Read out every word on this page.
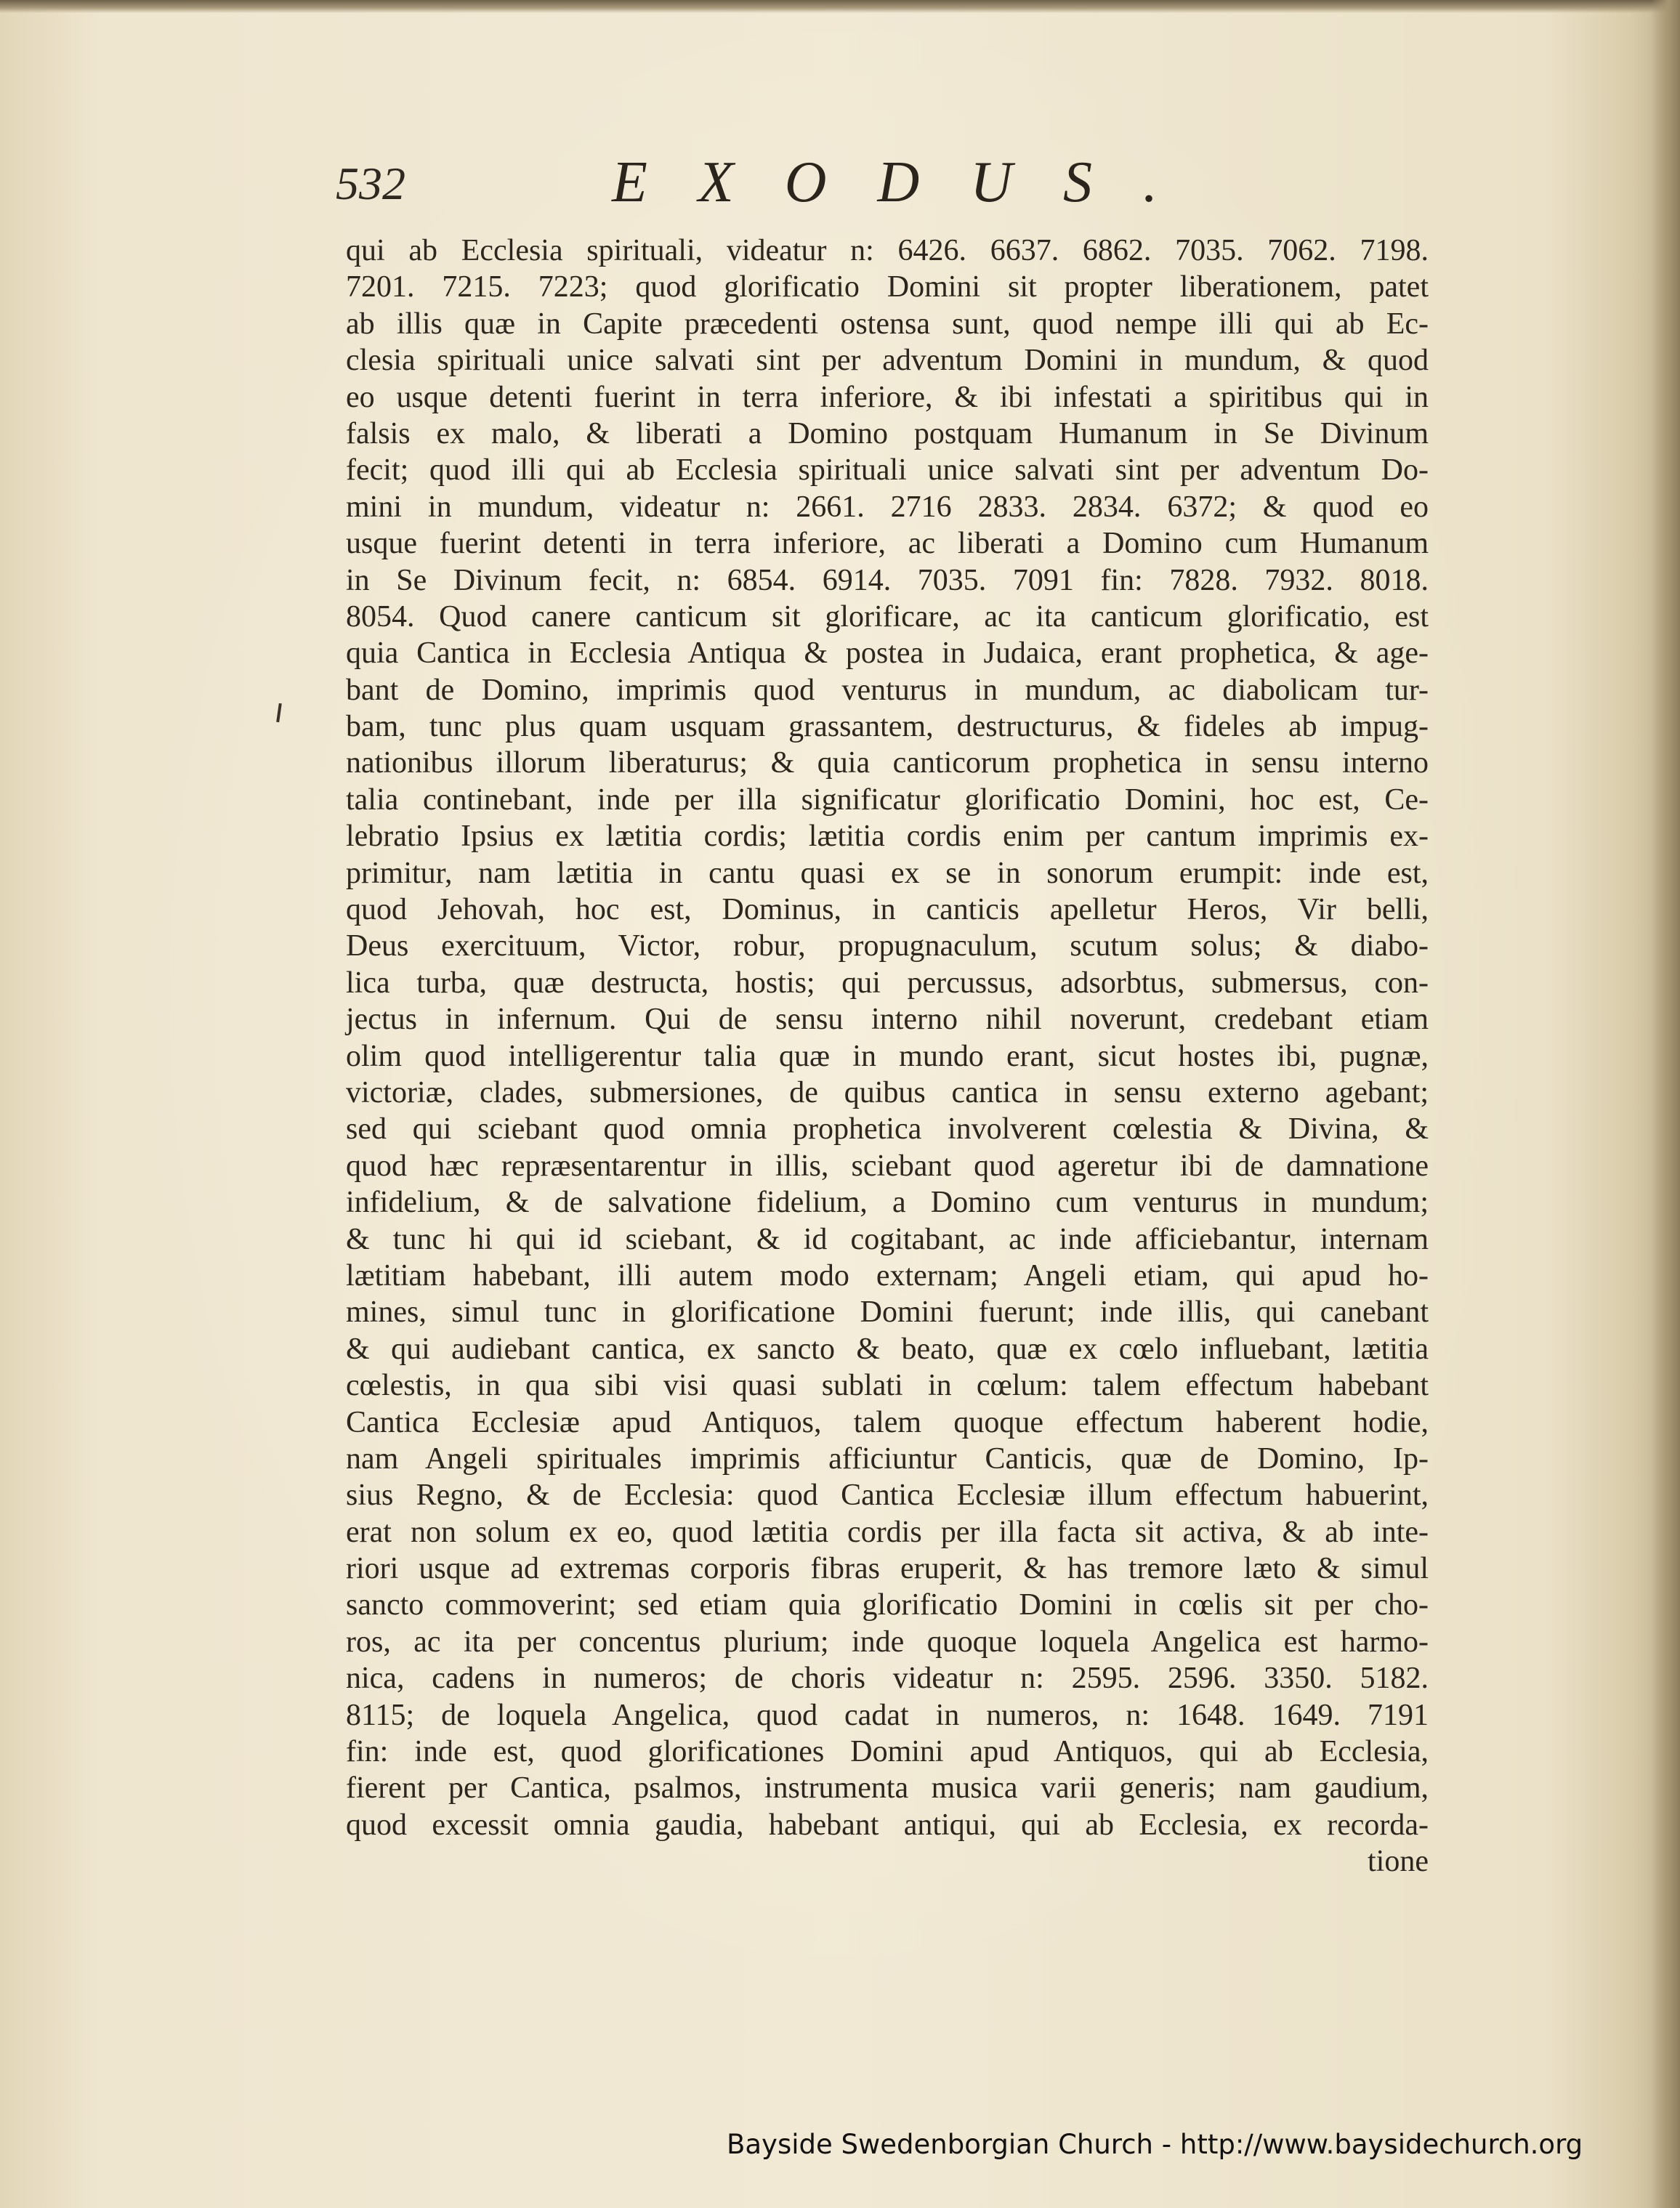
532	EXODUS.
qui ab Ecclesia spirituali, videatur n: 6426. 6637. 6862. 7035. 7062. 7198.
7201. 7215. 7223; quod glorificatio Domini sit propter liberationem, patet
ab illis quæ in Capite præcedenti ostensa sunt, quod nempe illi qui ab Ec-
clesia spirituali unice salvati sint per adventum Domini in mundum, & quod
eo usque detenti fuerint in terra inferiore, & ibi infestati a spiritibus qui in
falsis ex malo, & liberati a Domino postquam Humanum in Se Divinum
fecit; quod illi qui ab Ecclesia spirituali unice salvati sint per adventum Do-
mini in mundum, videatur n: 2661. 2716 2833. 2834. 6372; & quod eo
usque fuerint detenti in terra inferiore, ac liberati a Domino cum Humanum
in Se Divinum fecit, n: 6854. 6914. 7035. 7091 fin: 7828. 7932. 8018.
8054. Quod canere canticum sit glorificare, ac ita canticum glorificatio, est
quia Cantica in Ecclesia Antiqua & postea in Judaica, erant prophetica, & age-
bant de Domino, imprimis quod venturus in mundum, ac diabolicam tur-
bam, tunc plus quam usquam grassantem, destructurus, & fideles ab impug-
nationibus illorum liberaturus; & quia canticorum prophetica in sensu interno
talia continebant, inde per illa significatur glorificatio Domini, hoc est, Ce-
lebratio Ipsius ex lætitia cordis; lætitia cordis enim per cantum imprimis ex-
primitur, nam lætitia in cantu quasi ex se in sonorum erumpit: inde est,
quod Jehovah, hoc est, Dominus, in canticis apelletur Heros, Vir belli,
Deus exercituum, Victor, robur, propugnaculum, scutum solus; & diabo-
lica turba, quæ destructa, hostis; qui percussus, adsorbtus, submersus, con-
jectus in infernum. Qui de sensu interno nihil noverunt, credebant etiam
olim quod intelligerentur talia quæ in mundo erant, sicut hostes ibi, pugnæ,
victoriæ, clades, submersiones, de quibus cantica in sensu externo agebant;
sed qui sciebant quod omnia prophetica involverent cœlestia & Divina, &
quod hæc repræsentarentur in illis, sciebant quod ageretur ibi de damnatione
infidelium, & de salvatione fidelium, a Domino cum venturus in mundum;
& tunc hi qui id sciebant, & id cogitabant, ac inde afficiebantur, internam
lætitiam habebant, illi autem modo externam; Angeli etiam, qui apud ho-
mines, simul tunc in glorificatione Domini fuerunt; inde illis, qui canebant
& qui audiebant cantica, ex sancto & beato, quæ ex cœlo influebant, lætitia
cœlestis, in qua sibi visi quasi sublati in cœlum: talem effectum habebant
Cantica Ecclesiæ apud Antiquos, talem quoque effectum haberent hodie,
nam Angeli spirituales imprimis afficiuntur Canticis, quæ de Domino, Ip-
sius Regno, & de Ecclesia: quod Cantica Ecclesiæ illum effectum habuerint,
erat non solum ex eo, quod lætitia cordis per illa facta sit activa, & ab inte-
riori usque ad extremas corporis fibras eruperit, & has tremore læto & simul
sancto commoverint; sed etiam quia glorificatio Domini in cœlis sit per cho-
ros, ac ita per concentus plurium; inde quoque loquela Angelica est harmo-
nica, cadens in numeros; de choris videatur n: 2595. 2596. 3350. 5182.
8115; de loquela Angelica, quod cadat in numeros, n: 1648. 1649. 7191
fin: inde est, quod glorificationes Domini apud Antiquos, qui ab Ecclesia,
fierent per Cantica, psalmos, instrumenta musica varii generis; nam gaudium,
quod excessit omnia gaudia, habebant antiqui, qui ab Ecclesia, ex recorda-
tione
Bayside Swedenborgian Church - http://www.baysidechurch.org
